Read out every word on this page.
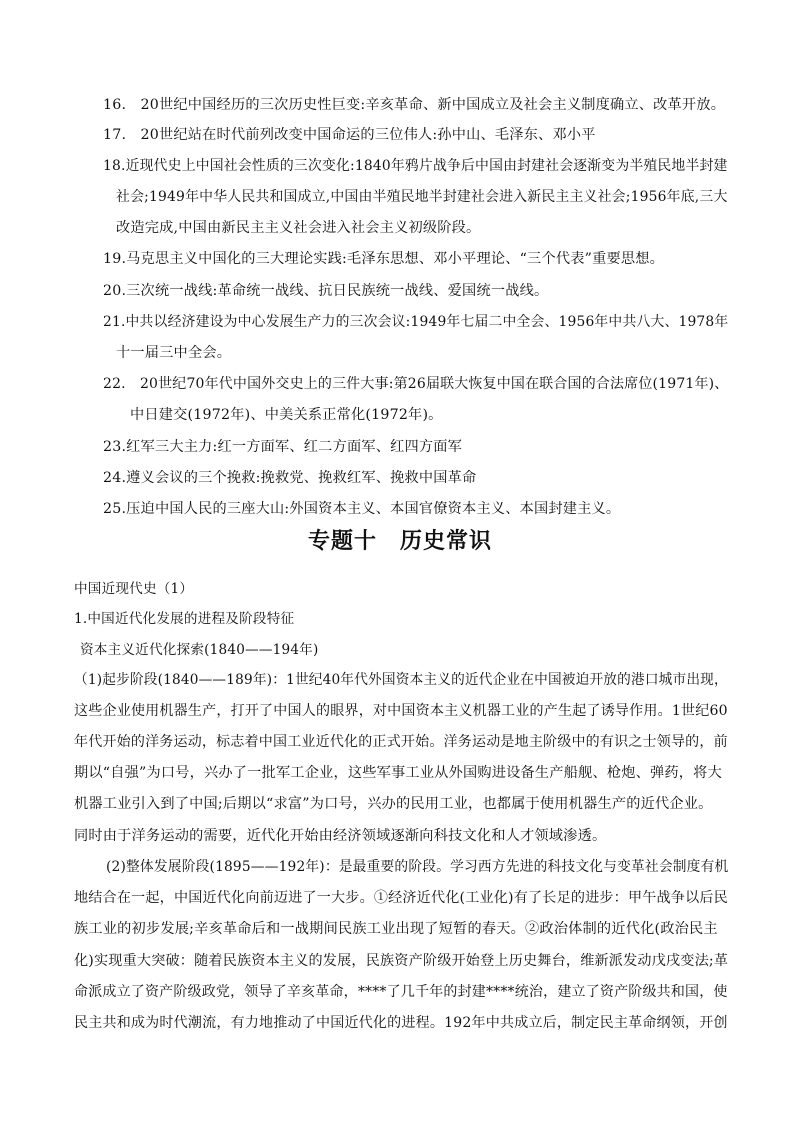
16.　20世纪中国经历的三次历史性巨变:辛亥革命、新中国成立及社会主义制度确立、改革开放。
17.　20世纪站在时代前列改变中国命运的三位伟人:孙中山、毛泽东、邓小平
18.近现代史上中国社会性质的三次变化:1840年鸦片战争后中国由封建社会逐渐变为半殖民地半封建
社会;1949年中华人民共和国成立,中国由半殖民地半封建社会进入新民主主义社会;1956年底,三大
改造完成,中国由新民主主义社会进入社会主义初级阶段。
19.马克思主义中国化的三大理论实践:毛泽东思想、邓小平理论、“三个代表”重要思想。
20.三次统一战线:革命统一战线、抗日民族统一战线、爱国统一战线。
21.中共以经济建设为中心发展生产力的三次会议:1949年七届二中全会、1956年中共八大、1978年
十一届三中全会。
22.　20世纪70年代中国外交史上的三件大事:第26届联大恢复中国在联合国的合法席位(1971年)、
中日建交(1972年)、中美关系正常化(1972年)。
23.红军三大主力:红一方面军、红二方面军、红四方面军
24.遵义会议的三个挽救:挽救党、挽救红军、挽救中国革命
25.压迫中国人民的三座大山:外国资本主义、本国官僚资本主义、本国封建主义。
专题十　历史常识
中国近现代史（1）
1.中国近代化发展的进程及阶段特征
资本主义近代化探索(1840——194年)
（1)起步阶段(1840——189年)：1世纪40年代外国资本主义的近代企业在中国被迫开放的港口城市出现，
这些企业使用机器生产，打开了中国人的眼界，对中国资本主义机器工业的产生起了诱导作用。1世纪60
年代开始的洋务运动，标志着中国工业近代化的正式开始。洋务运动是地主阶级中的有识之士领导的，前
期以“自强”为口号，兴办了一批军工企业，这些军事工业从外国购进设备生产船舰、枪炮、弹药，将大
机器工业引入到了中国;后期以“求富”为口号，兴办的民用工业，也都属于使用机器生产的近代企业。
同时由于洋务运动的需要，近代化开始由经济领域逐渐向科技文化和人才领域渗透。
(2)整体发展阶段(1895——192年)：是最重要的阶段。学习西方先进的科技文化与变革社会制度有机
地结合在一起，中国近代化向前迈进了一大步。①经济近代化(工业化)有了长足的进步：甲午战争以后民
族工业的初步发展;辛亥革命后和一战期间民族工业出现了短暂的春天。②政治体制的近代化(政治民主
化)实现重大突破：随着民族资本主义的发展，民族资产阶级开始登上历史舞台，维新派发动戊戌变法;革
命派成立了资产阶级政党，领导了辛亥革命，****了几千年的封建****统治，建立了资产阶级共和国，使
民主共和成为时代潮流，有力地推动了中国近代化的进程。192年中共成立后，制定民主革命纲领，开创
